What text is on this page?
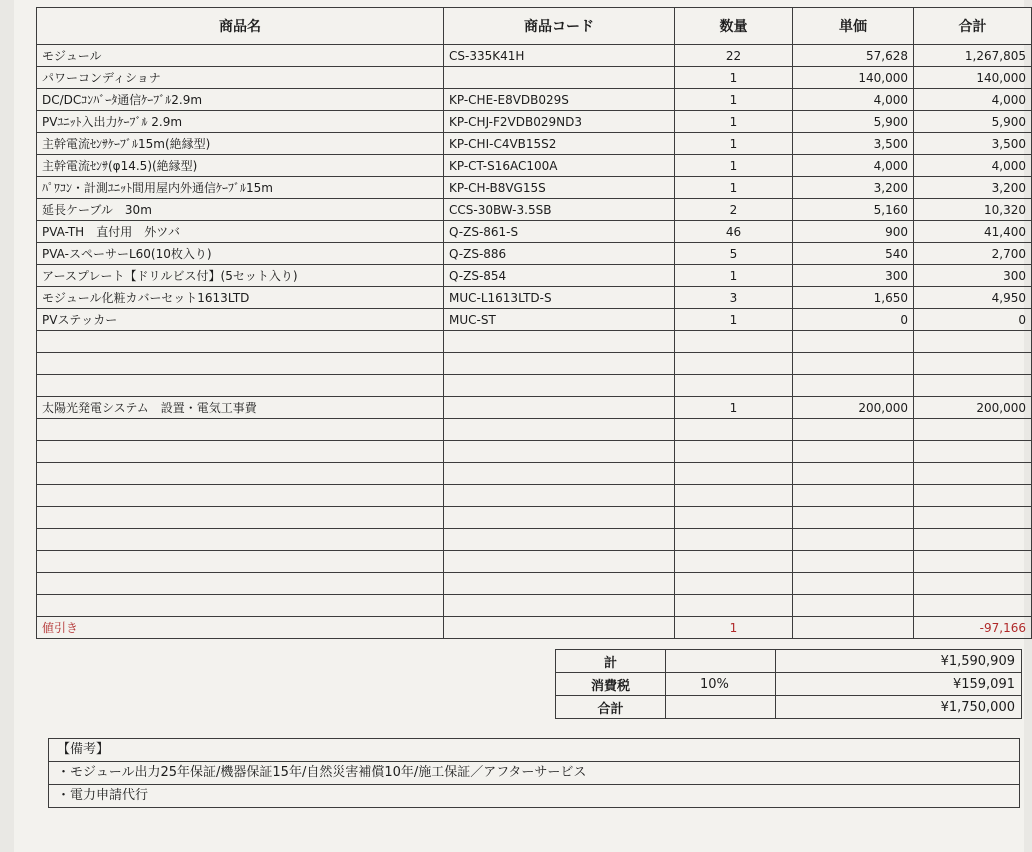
商品名	商品コード	数量	単価	合計
モジュール	CS-335K41H	22	57,628	1,267,805
パワーコンディショナ		1	140,000	140,000
DC/DCｺﾝﾊﾞｰﾀ通信ｹｰﾌﾞﾙ2.9m	KP-CHE-E8VDB029S	1	4,000	4,000
PVﾕﾆｯﾄ入出力ｹｰﾌﾞﾙ 2.9m	KP-CHJ-F2VDB029ND3	1	5,900	5,900
主幹電流ｾﾝｻｹｰﾌﾞﾙ15m(絶縁型)	KP-CHI-C4VB15S2	1	3,500	3,500
主幹電流ｾﾝｻ(φ14.5)(絶縁型)	KP-CT-S16AC100A	1	4,000	4,000
ﾊﾟﾜｺﾝ・計測ﾕﾆｯﾄ間用屋内外通信ｹｰﾌﾞﾙ15m	KP-CH-B8VG15S	1	3,200	3,200
延長ケーブル　30m	CCS-30BW-3.5SB	2	5,160	10,320
PVA-TH　直付用　外ツバ	Q-ZS-861-S	46	900	41,400
PVA-スペーサーL60(10枚入り)	Q-ZS-886	5	540	2,700
アースプレート【ドリルビス付】(5セット入り)	Q-ZS-854	1	300	300
モジュール化粧カバーセット1613LTD	MUC-L1613LTD-S	3	1,650	4,950
PVステッカー	MUC-ST	1	0	0

太陽光発電システム　設置・電気工事費		1	200,000	200,000

値引き		1		-97,166
計		¥1,590,909
消費税	10%	¥159,091
合計		¥1,750,000
【備考】
・モジュール出力25年保証/機器保証15年/自然災害補償10年/施工保証／アフターサービス
・電力申請代行
